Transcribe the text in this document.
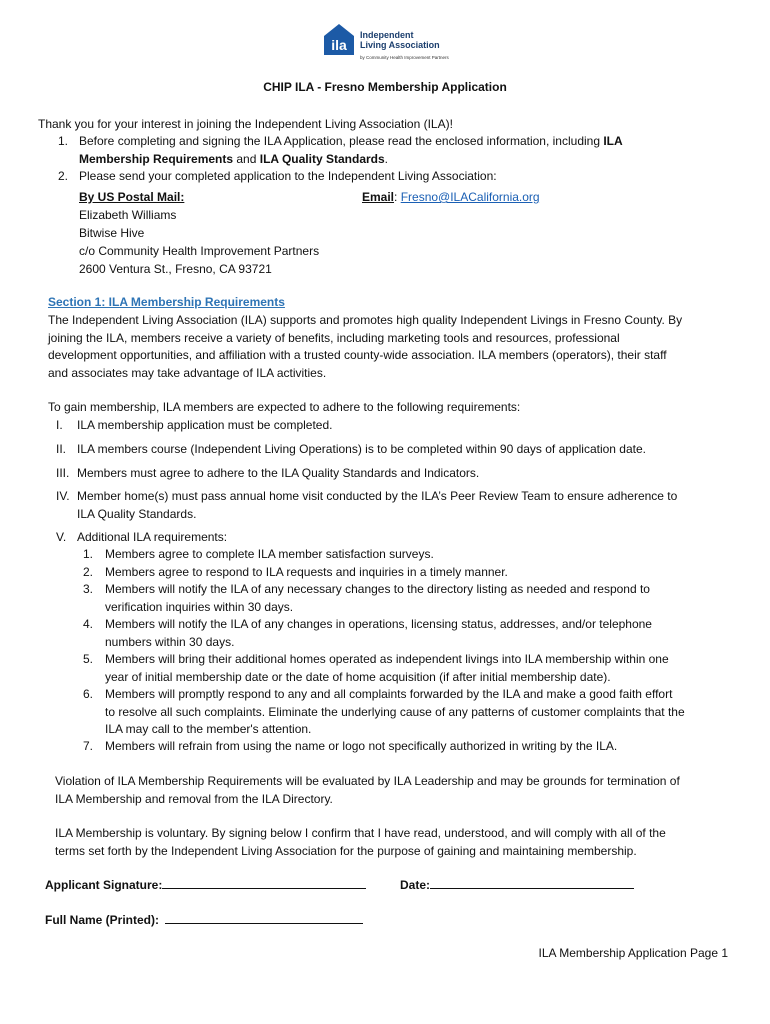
ila
Independent
Living Association
by Community Health Improvement Partners
CHIP ILA - Fresno Membership Application
Thank you for your interest in joining the Independent Living Association (ILA)!
1. Before completing and signing the ILA Application, please read the enclosed information, including ILA
Membership Requirements and ILA Quality Standards.
2. Please send your completed application to the Independent Living Association:
By US Postal Mail:	Email: Fresno@ILACalifornia.org
Elizabeth Williams
Bitwise Hive
c/o Community Health Improvement Partners
2600 Ventura St., Fresno, CA 93721
Section 1: ILA Membership Requirements
The Independent Living Association (ILA) supports and promotes high quality Independent Livings in Fresno County. By
joining the ILA, members receive a variety of benefits, including marketing tools and resources, professional
development opportunities, and affiliation with a trusted county-wide association. ILA members (operators), their staff
and associates may take advantage of ILA activities.
To gain membership, ILA members are expected to adhere to the following requirements:
I. ILA membership application must be completed.
II. ILA members course (Independent Living Operations) is to be completed within 90 days of application date.
III. Members must agree to adhere to the ILA Quality Standards and Indicators.
IV. Member home(s) must pass annual home visit conducted by the ILA’s Peer Review Team to ensure adherence to
ILA Quality Standards.
V. Additional ILA requirements:
1. Members agree to complete ILA member satisfaction surveys.
2. Members agree to respond to ILA requests and inquiries in a timely manner.
3. Members will notify the ILA of any necessary changes to the directory listing as needed and respond to
verification inquiries within 30 days.
4. Members will notify the ILA of any changes in operations, licensing status, addresses, and/or telephone
numbers within 30 days.
5. Members will bring their additional homes operated as independent livings into ILA membership within one
year of initial membership date or the date of home acquisition (if after initial membership date).
6. Members will promptly respond to any and all complaints forwarded by the ILA and make a good faith effort
to resolve all such complaints. Eliminate the underlying cause of any patterns of customer complaints that the
ILA may call to the member's attention.
7. Members will refrain from using the name or logo not specifically authorized in writing by the ILA.
Violation of ILA Membership Requirements will be evaluated by ILA Leadership and may be grounds for termination of
ILA Membership and removal from the ILA Directory.
ILA Membership is voluntary. By signing below I confirm that I have read, understood, and will comply with all of the
terms set forth by the Independent Living Association for the purpose of gaining and maintaining membership.
Applicant Signature:	Date:
Full Name (Printed):
ILA Membership Application Page 1
